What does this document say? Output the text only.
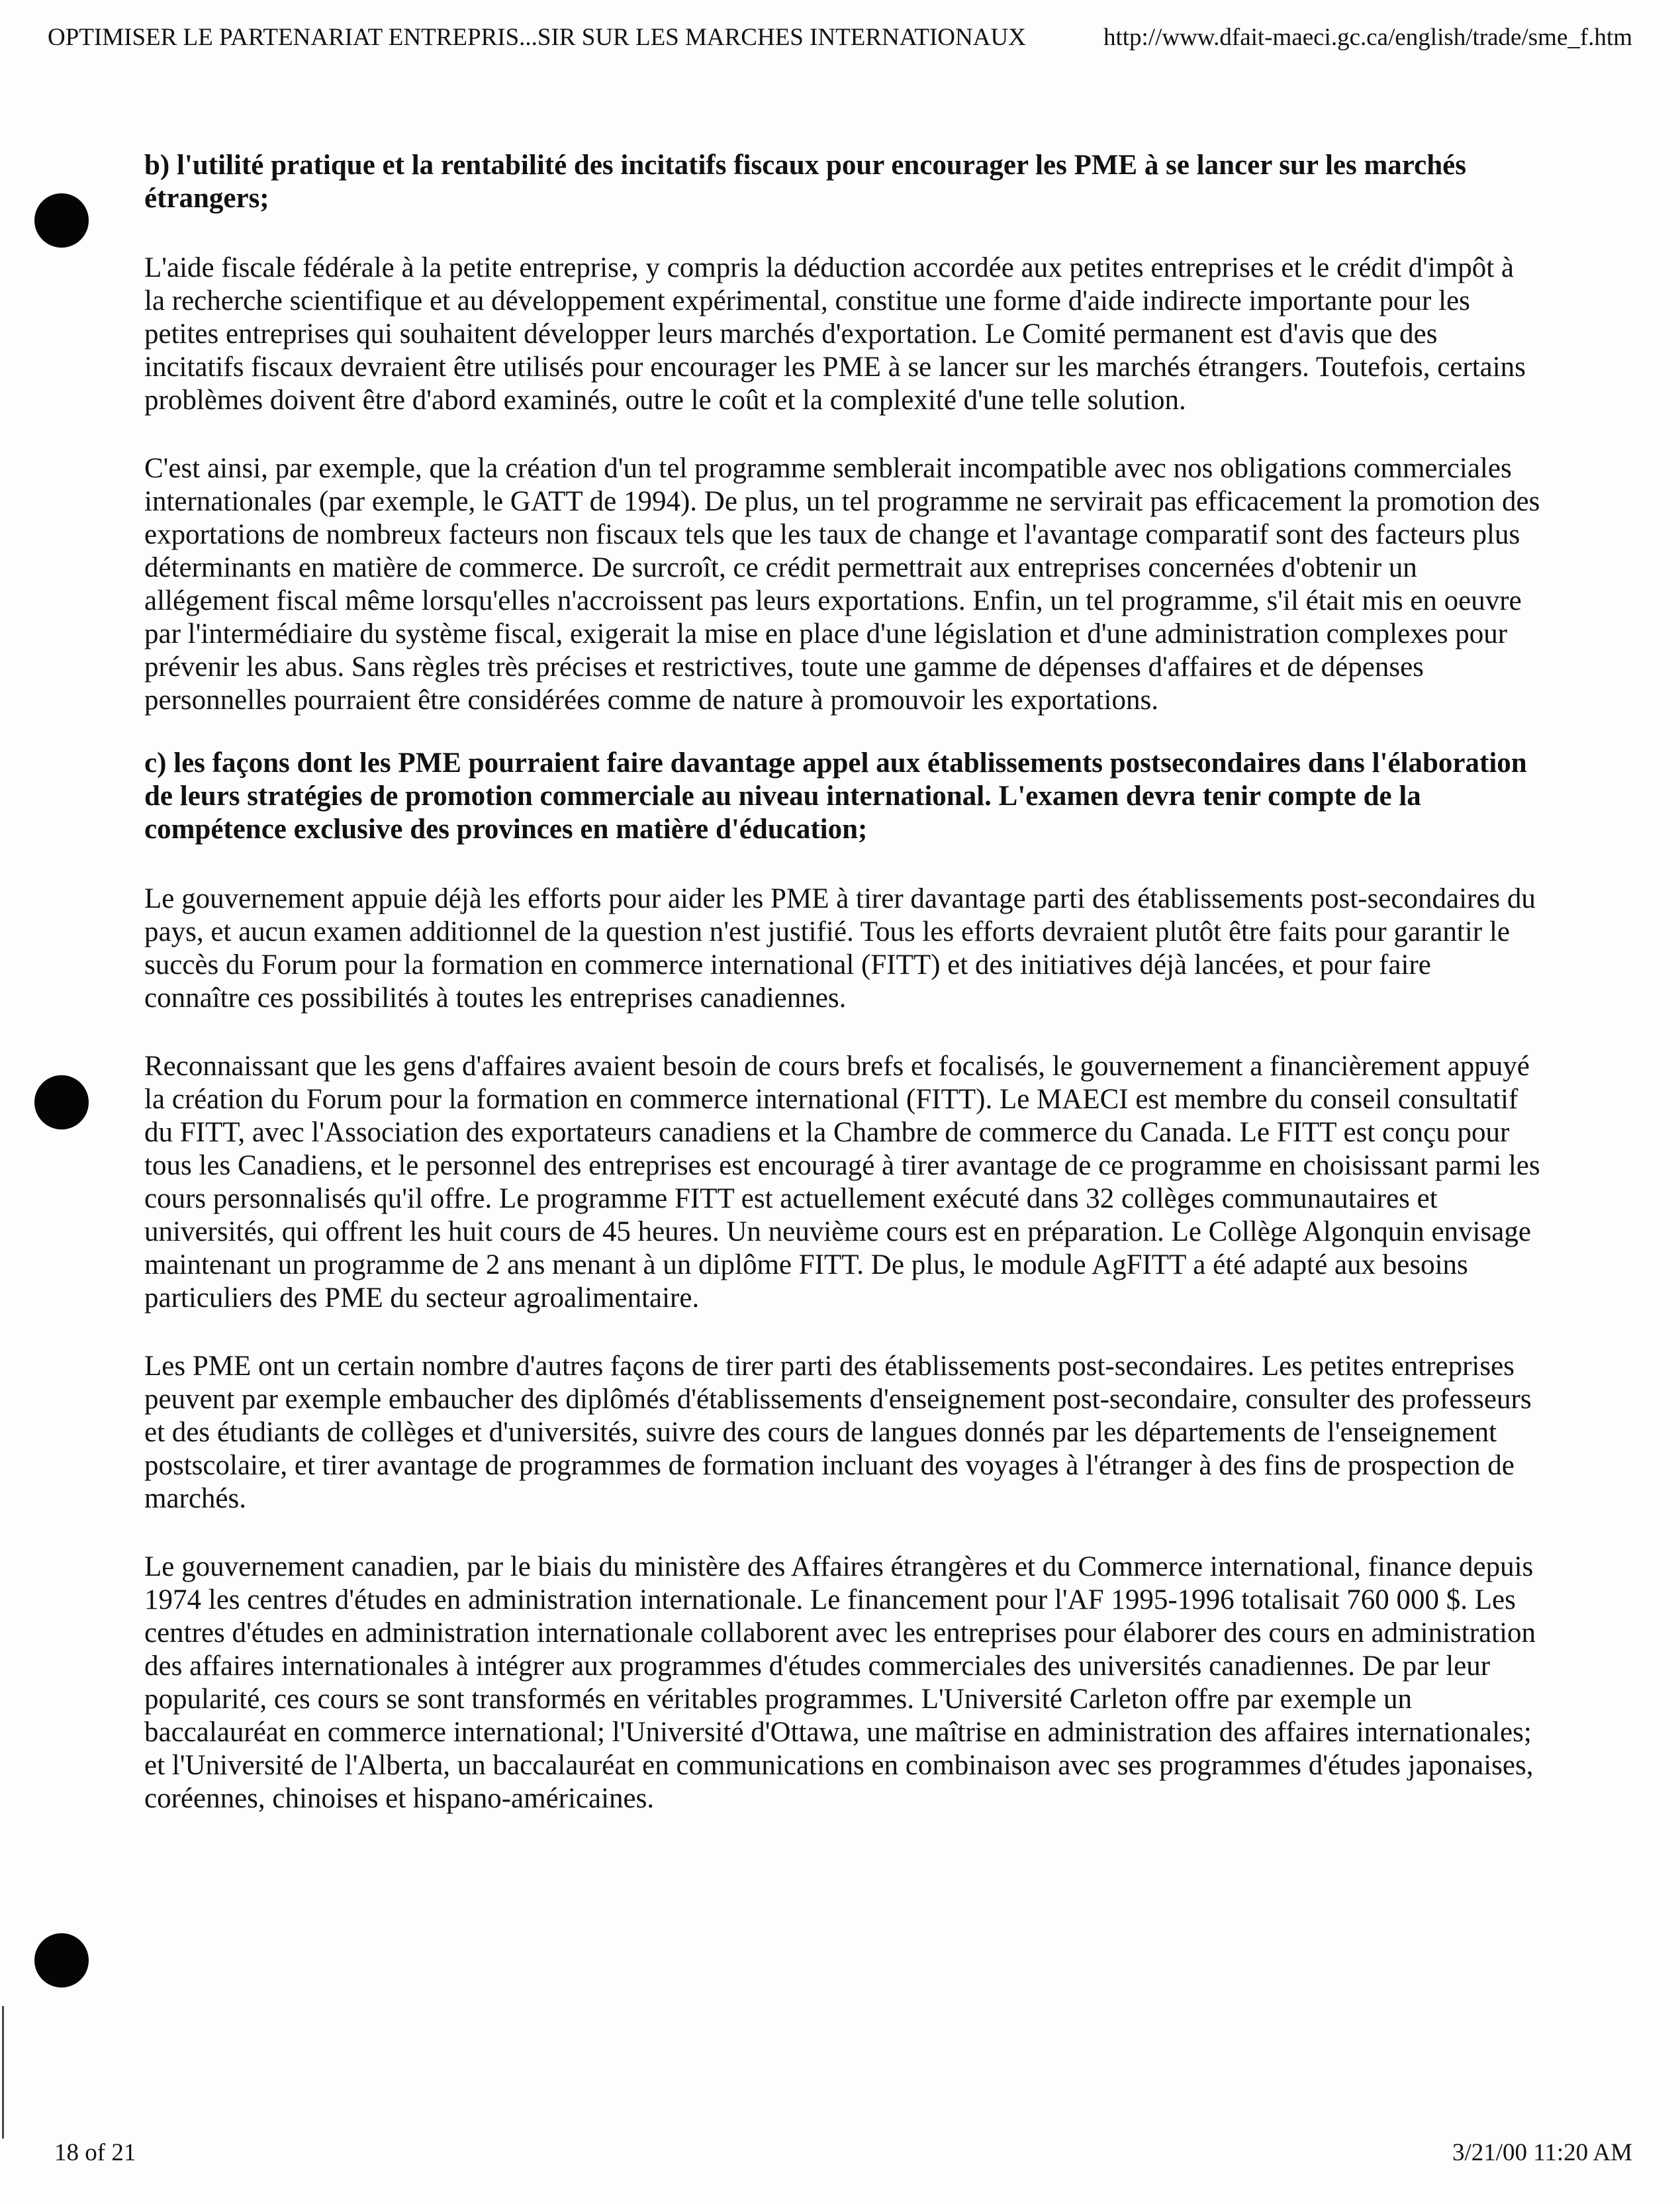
OPTIMISER LE PARTENARIAT ENTREPRIS...SIR SUR LES MARCHES INTERNATIONAUX	http://www.dfait-maeci.gc.ca/english/trade/sme_f.htm

b) l'utilité pratique et la rentabilité des incitatifs fiscaux pour encourager les PME à se lancer sur les marchés étrangers;

L'aide fiscale fédérale à la petite entreprise, y compris la déduction accordée aux petites entreprises et le crédit d'impôt à la recherche scientifique et au développement expérimental, constitue une forme d'aide indirecte importante pour les petites entreprises qui souhaitent développer leurs marchés d'exportation. Le Comité permanent est d'avis que des incitatifs fiscaux devraient être utilisés pour encourager les PME à se lancer sur les marchés étrangers. Toutefois, certains problèmes doivent être d'abord examinés, outre le coût et la complexité d'une telle solution.

C'est ainsi, par exemple, que la création d'un tel programme semblerait incompatible avec nos obligations commerciales internationales (par exemple, le GATT de 1994). De plus, un tel programme ne servirait pas efficacement la promotion des exportations de nombreux facteurs non fiscaux tels que les taux de change et l'avantage comparatif sont des facteurs plus déterminants en matière de commerce. De surcroît, ce crédit permettrait aux entreprises concernées d'obtenir un allégement fiscal même lorsqu'elles n'accroissent pas leurs exportations. Enfin, un tel programme, s'il était mis en oeuvre par l'intermédiaire du système fiscal, exigerait la mise en place d'une législation et d'une administration complexes pour prévenir les abus. Sans règles très précises et restrictives, toute une gamme de dépenses d'affaires et de dépenses personnelles pourraient être considérées comme de nature à promouvoir les exportations.

c) les façons dont les PME pourraient faire davantage appel aux établissements postsecondaires dans l'élaboration de leurs stratégies de promotion commerciale au niveau international. L'examen devra tenir compte de la compétence exclusive des provinces en matière d'éducation;

Le gouvernement appuie déjà les efforts pour aider les PME à tirer davantage parti des établissements post-secondaires du pays, et aucun examen additionnel de la question n'est justifié. Tous les efforts devraient plutôt être faits pour garantir le succès du Forum pour la formation en commerce international (FITT) et des initiatives déjà lancées, et pour faire connaître ces possibilités à toutes les entreprises canadiennes.

Reconnaissant que les gens d'affaires avaient besoin de cours brefs et focalisés, le gouvernement a financièrement appuyé la création du Forum pour la formation en commerce international (FITT). Le MAECI est membre du conseil consultatif du FITT, avec l'Association des exportateurs canadiens et la Chambre de commerce du Canada. Le FITT est conçu pour tous les Canadiens, et le personnel des entreprises est encouragé à tirer avantage de ce programme en choisissant parmi les cours personnalisés qu'il offre. Le programme FITT est actuellement exécuté dans 32 collèges communautaires et universités, qui offrent les huit cours de 45 heures. Un neuvième cours est en préparation. Le Collège Algonquin envisage maintenant un programme de 2 ans menant à un diplôme FITT. De plus, le module AgFITT a été adapté aux besoins particuliers des PME du secteur agroalimentaire.

Les PME ont un certain nombre d'autres façons de tirer parti des établissements post-secondaires. Les petites entreprises peuvent par exemple embaucher des diplômés d'établissements d'enseignement post-secondaire, consulter des professeurs et des étudiants de collèges et d'universités, suivre des cours de langues donnés par les départements de l'enseignement postscolaire, et tirer avantage de programmes de formation incluant des voyages à l'étranger à des fins de prospection de marchés.

Le gouvernement canadien, par le biais du ministère des Affaires étrangères et du Commerce international, finance depuis 1974 les centres d'études en administration internationale. Le financement pour l'AF 1995-1996 totalisait 760 000 $. Les centres d'études en administration internationale collaborent avec les entreprises pour élaborer des cours en administration des affaires internationales à intégrer aux programmes d'études commerciales des universités canadiennes. De par leur popularité, ces cours se sont transformés en véritables programmes. L'Université Carleton offre par exemple un baccalauréat en commerce international; l'Université d'Ottawa, une maîtrise en administration des affaires internationales; et l'Université de l'Alberta, un baccalauréat en communications en combinaison avec ses programmes d'études japonaises, coréennes, chinoises et hispano-américaines.

18 of 21	3/21/00 11:20 AM
